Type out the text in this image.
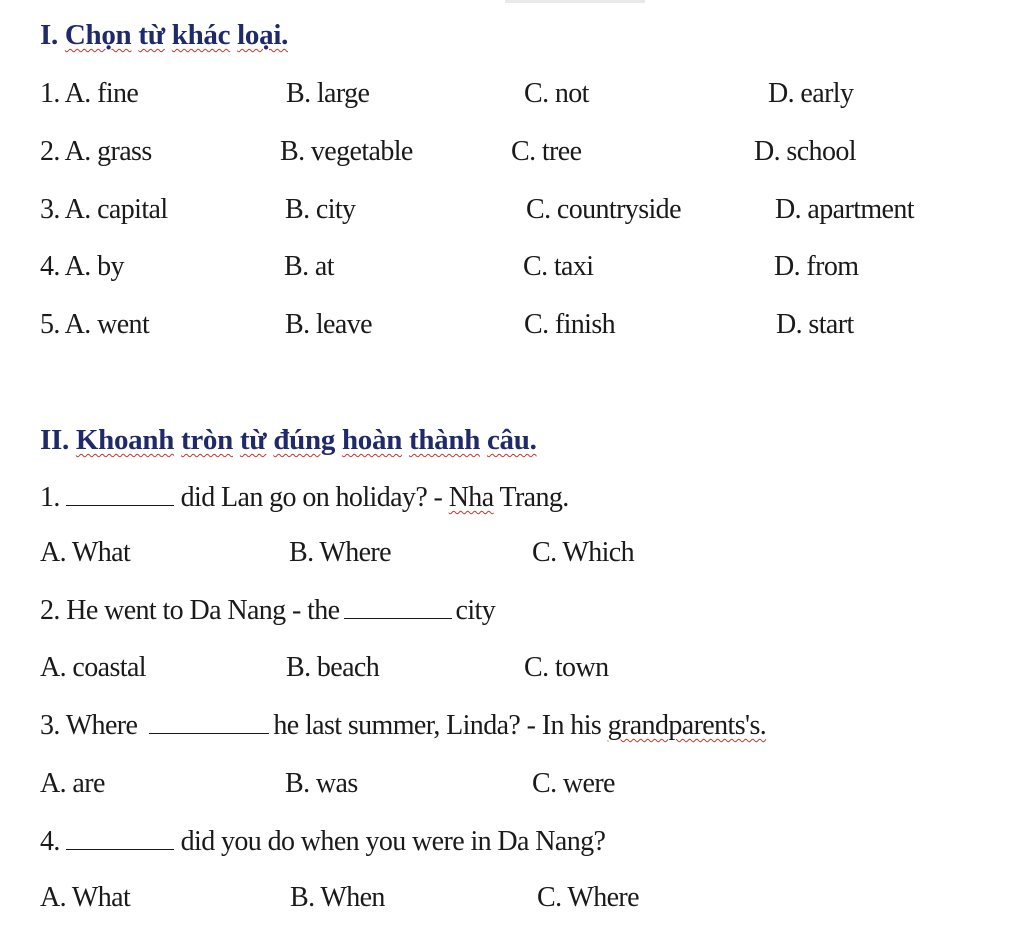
I. Chọn từ khác loại.
1. A. fine	B. large	C. not	D. early
2. A. grass	B. vegetable	C. tree	D. school
3. A. capital	B. city	C. countryside	D. apartment
4. A. by	B. at	C. taxi	D. from
5. A. went	B. leave	C. finish	D. start
II. Khoanh tròn từ đúng hoàn thành câu.
1.	did Lan go on holiday? - Nha Trang.
A. What	B. Where	C. Which
2. He went to Da Nang - the	city
A. coastal	B. beach	C. town
3. Where	he last summer, Linda? - In his grandparents's.
A. are	B. was	C. were
4.	did you do when you were in Da Nang?
A. What	B. When	C. Where
